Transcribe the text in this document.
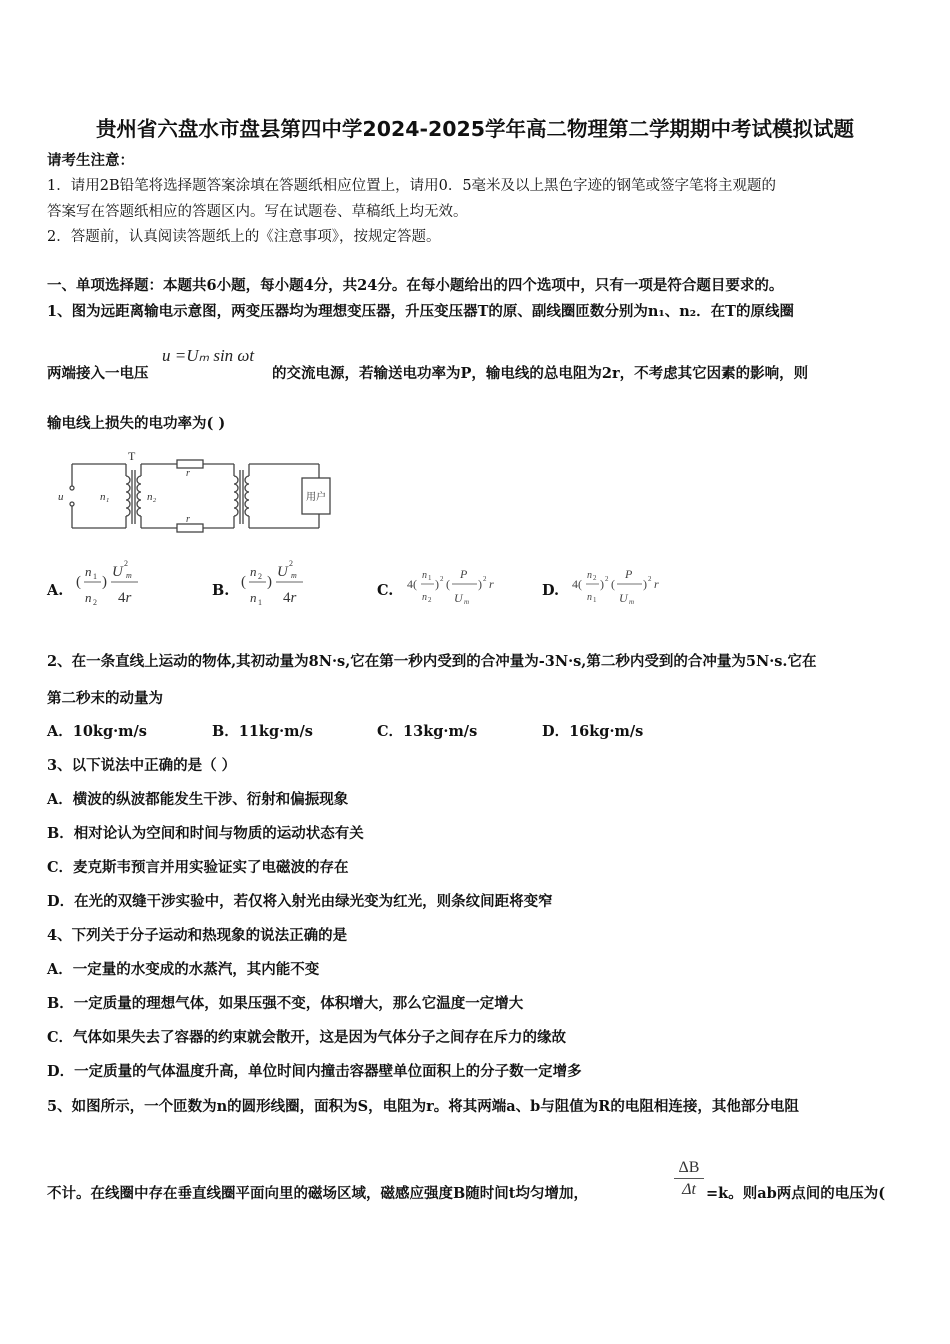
贵州省六盘水市盘县第四中学2024-2025学年高二物理第二学期期中考试模拟试题
请考生注意：
1．请用2B铅笔将选择题答案涂填在答题纸相应位置上，请用0．5毫米及以上黑色字迹的钢笔或签字笔将主观题的
答案写在答题纸相应的答题区内。写在试题卷、草稿纸上均无效。
2．答题前，认真阅读答题纸上的《注意事项》，按规定答题。
一、单项选择题：本题共6小题，每小题4分，共24分。在每小题给出的四个选项中，只有一项是符合题目要求的。
1、图为远距离输电示意图，两变压器均为理想变压器，升压变压器T的原、副线圈匝数分别为n₁、n₂．在T的原线圈
两端接入一电压
u =Uₘ sin ωt
的交流电源，若输送电功率为P，输电线的总电阻为2r，不考虑其它因素的影响，则
输电线上损失的电功率为( )
T
u	n₁	n₂
r
r
用户
A. (
n 1
n 2
)
U
2
m
4r	B. (
n 2
n 1
)
U
2
m
4r	C. 4(
n 1
n 2
) 2 (
P
U m
) 2 r	D. 4(
n 2
n 1
) 2 (
P
U m
) 2 r
2、在一条直线上运动的物体,其初动量为8N·s,它在第一秒内受到的合冲量为-3N·s,第二秒内受到的合冲量为5N·s.它在
第二秒末的动量为
A．10kg·m/s	B．11kg·m/s	C．13kg·m/s	D．16kg·m/s
3、以下说法中正确的是（ ）
A．横波的纵波都能发生干涉、衍射和偏振现象
B．相对论认为空间和时间与物质的运动状态有关
C．麦克斯韦预言并用实验证实了电磁波的存在
D．在光的双缝干涉实验中，若仅将入射光由绿光变为红光，则条纹间距将变窄
4、下列关于分子运动和热现象的说法正确的是
A．一定量的水变成的水蒸汽，其内能不变
B．一定质量的理想气体，如果压强不变，体积增大，那么它温度一定增大
C．气体如果失去了容器的约束就会散开，这是因为气体分子之间存在斥力的缘故
D．一定质量的气体温度升高，单位时间内撞击容器壁单位面积上的分子数一定增多
5、如图所示，一个匝数为n的圆形线圈，面积为S，电阻为r。将其两端a、b与阻值为R的电阻相连接，其他部分电阻
不计。在线圈中存在垂直线圈平面向里的磁场区域，磁感应强度B随时间t均匀增加，	$\frac{\Delta B}{\Delta t} =k$。则ab两点间的电压为(
